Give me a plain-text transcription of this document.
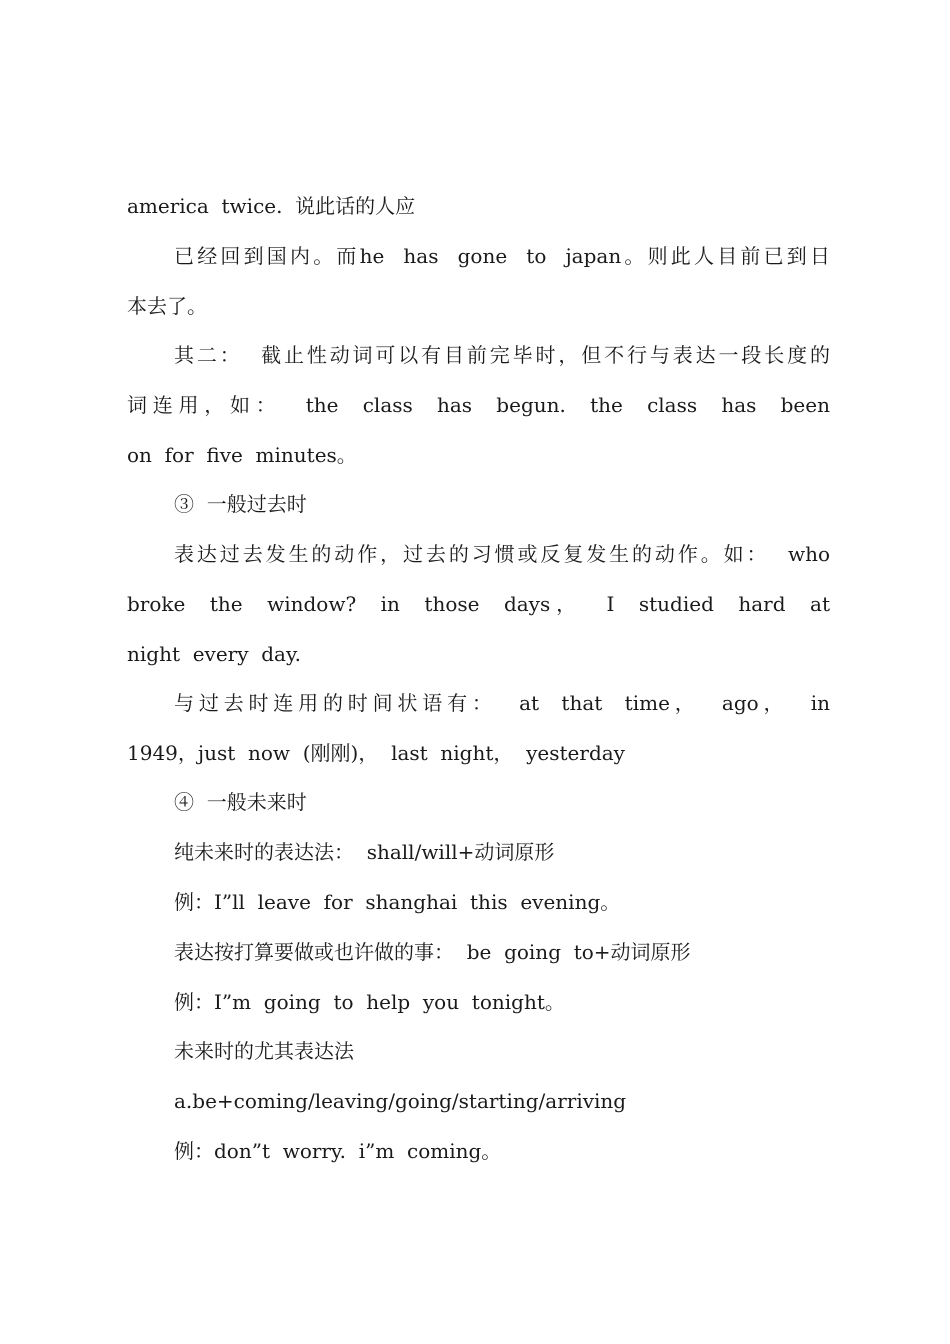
america  twice.  说此话的人应
已经回到国内。而he  has  gone  to  japan。则此人目前已到日
本去了。
其二：  截止性动词可以有目前完毕时，但不行与表达一段长度的
词连用，如：  the  class  has  begun.  the  class  has  been
on  for  five  minutes。
③  一般过去时
表达过去发生的动作，过去的习惯或反复发生的动作。如：  who
broke  the  window?  in  those  days，  I  studied  hard  at
night  every  day.
与过去时连用的时间状语有：  at  that  time，  ago，  in
1949，just  now  (刚刚)，  last  night，  yesterday
④  一般未来时
纯未来时的表达法：  shall/will+动词原形
例：I”ll  leave  for  shanghai  this  evening。
表达按打算要做或也许做的事：  be  going  to+动词原形
例：I”m  going  to  help  you  tonight。
未来时的尤其表达法
a.be+coming/leaving/going/starting/arriving
例：don”t  worry.  i”m  coming。
